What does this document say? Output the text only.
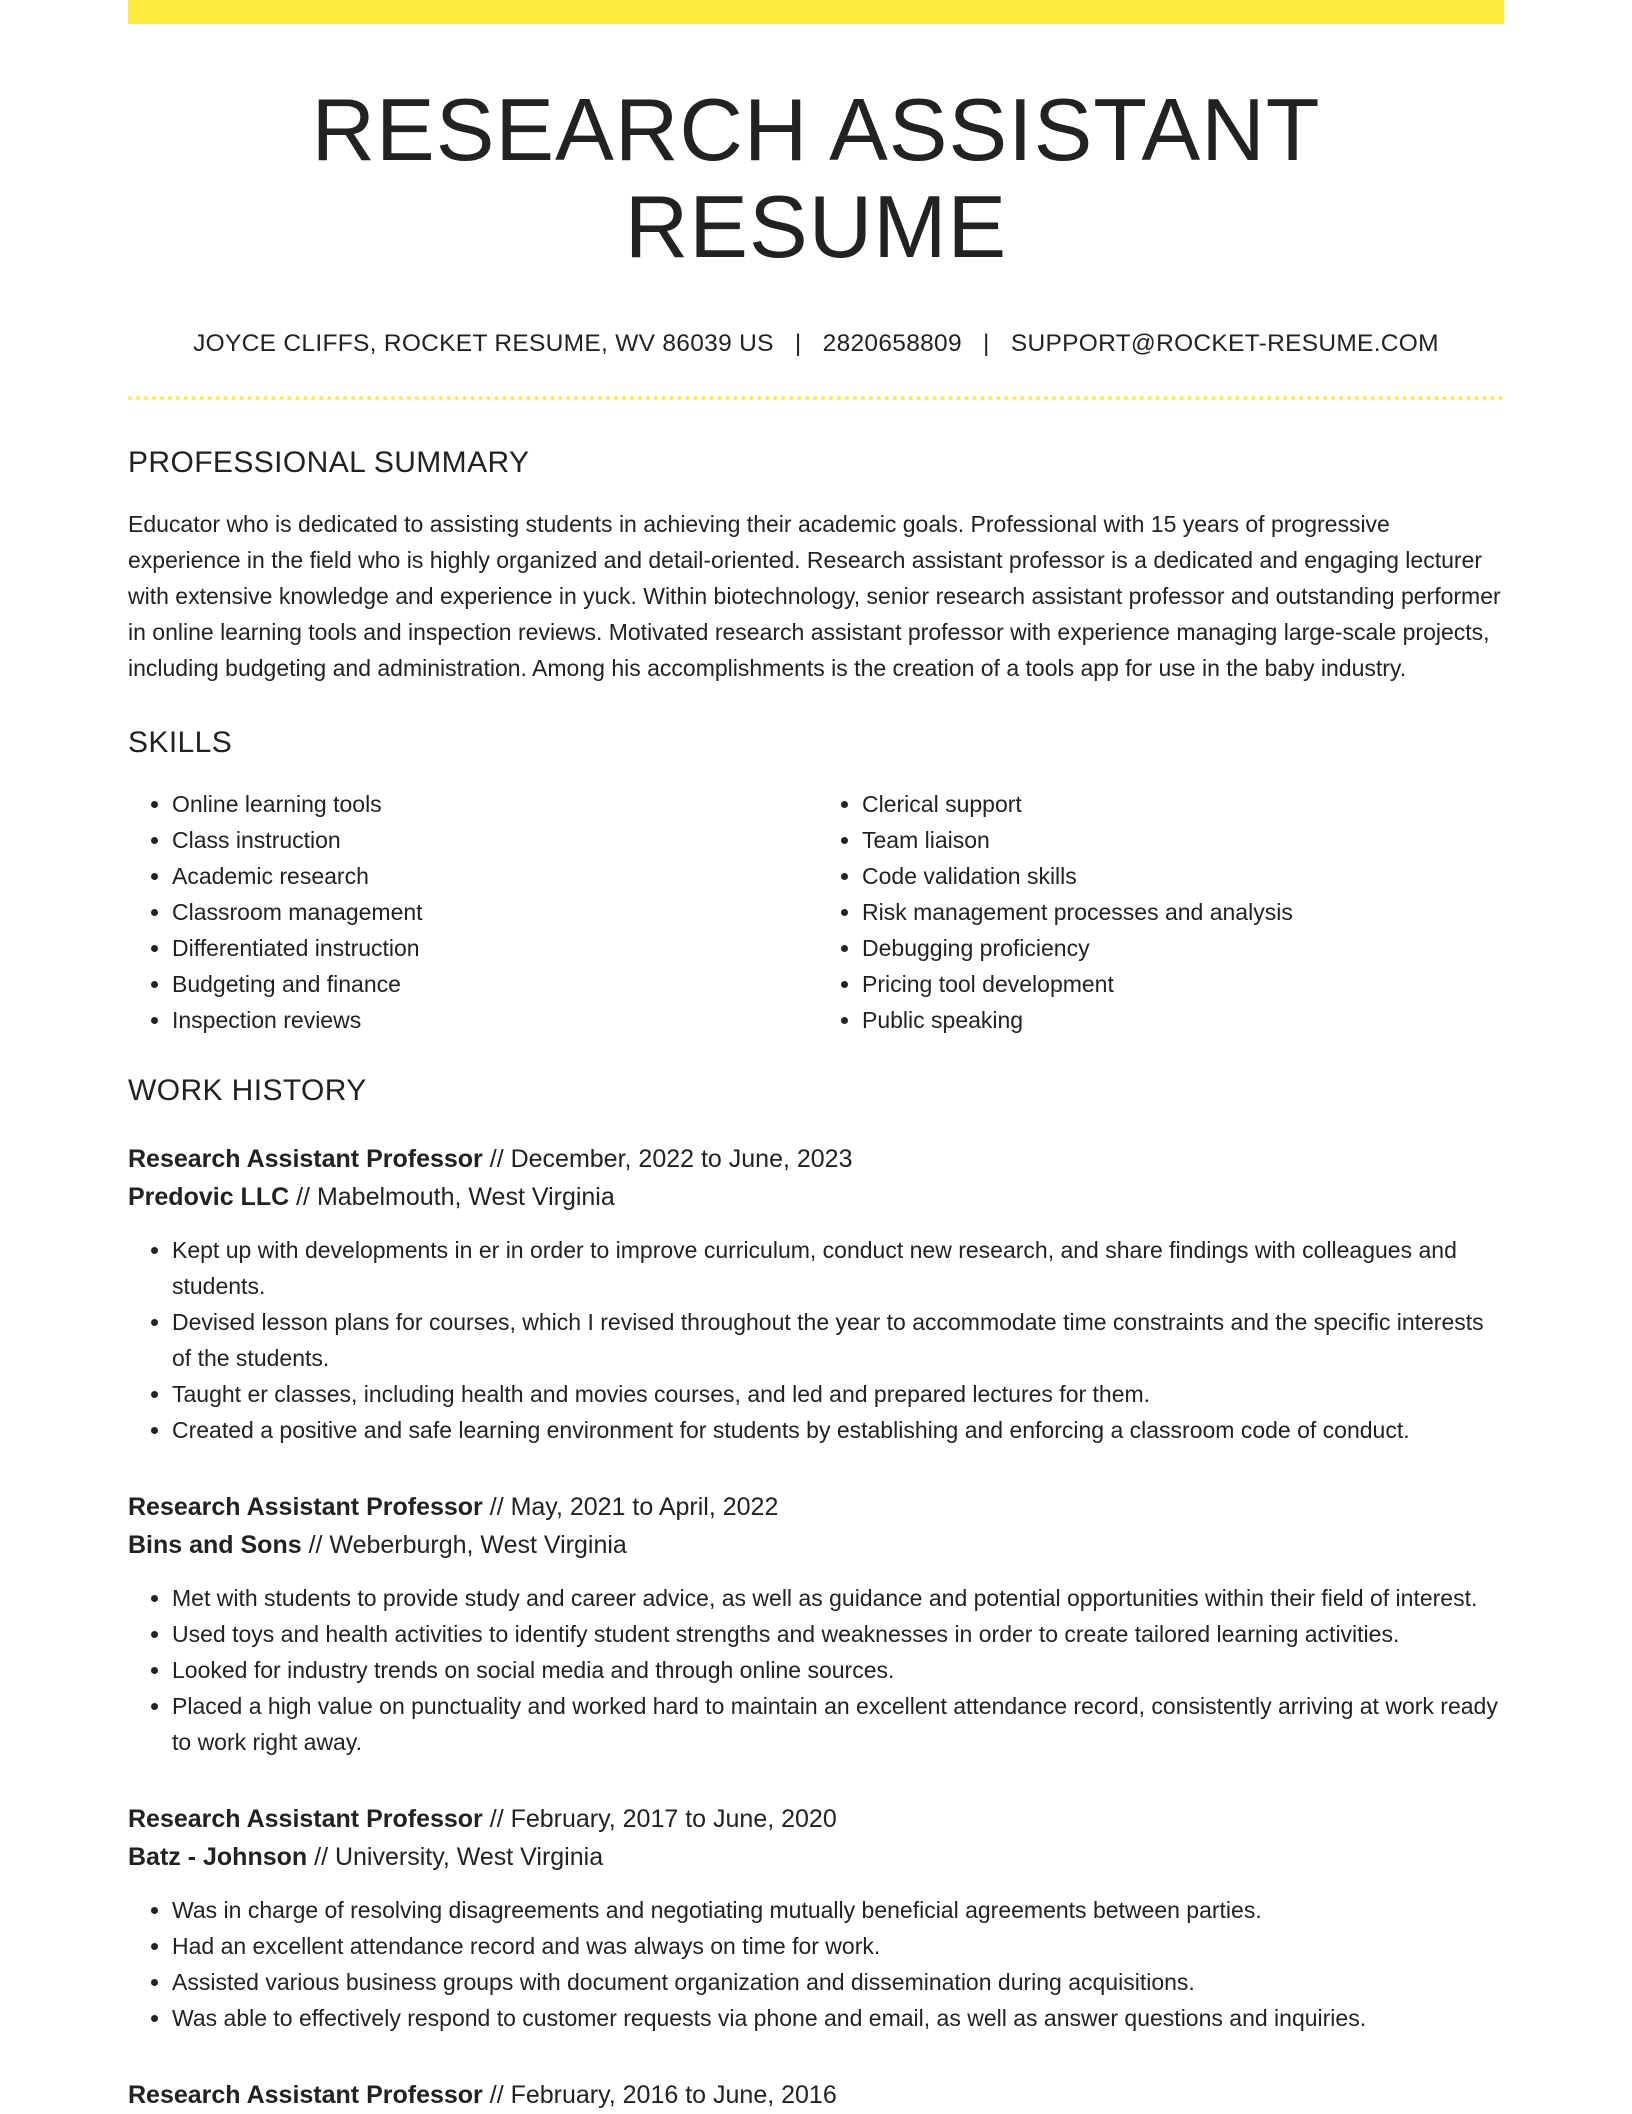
RESEARCH ASSISTANT RESUME
JOYCE CLIFFS, ROCKET RESUME, WV 86039 US | 2820658809 | SUPPORT@ROCKET-RESUME.COM
PROFESSIONAL SUMMARY

Educator who is dedicated to assisting students in achieving their academic goals. Professional with 15 years of progressive experience in the field who is highly organized and detail-oriented. Research assistant professor is a dedicated and engaging lecturer with extensive knowledge and experience in yuck. Within biotechnology, senior research assistant professor and outstanding performer in online learning tools and inspection reviews. Motivated research assistant professor with experience managing large-scale projects, including budgeting and administration. Among his accomplishments is the creation of a tools app for use in the baby industry.

SKILLS
• Online learning tools
• Class instruction
• Academic research
• Classroom management
• Differentiated instruction
• Budgeting and finance
• Inspection reviews
• Clerical support
• Team liaison
• Code validation skills
• Risk management processes and analysis
• Debugging proficiency
• Pricing tool development
• Public speaking
WORK HISTORY
Research Assistant Professor // December, 2022 to June, 2023
Predovic LLC // Mabelmouth, West Virginia
• Kept up with developments in er in order to improve curriculum, conduct new research, and share findings with colleagues and students.
• Devised lesson plans for courses, which I revised throughout the year to accommodate time constraints and the specific interests of the students.
• Taught er classes, including health and movies courses, and led and prepared lectures for them.
• Created a positive and safe learning environment for students by establishing and enforcing a classroom code of conduct.
Research Assistant Professor // May, 2021 to April, 2022
Bins and Sons // Weberburgh, West Virginia
• Met with students to provide study and career advice, as well as guidance and potential opportunities within their field of interest.
• Used toys and health activities to identify student strengths and weaknesses in order to create tailored learning activities.
• Looked for industry trends on social media and through online sources.
• Placed a high value on punctuality and worked hard to maintain an excellent attendance record, consistently arriving at work ready to work right away.
Research Assistant Professor // February, 2017 to June, 2020
Batz - Johnson // University, West Virginia
• Was in charge of resolving disagreements and negotiating mutually beneficial agreements between parties.
• Had an excellent attendance record and was always on time for work.
• Assisted various business groups with document organization and dissemination during acquisitions.
• Was able to effectively respond to customer requests via phone and email, as well as answer questions and inquiries.
Research Assistant Professor // February, 2016 to June, 2016
